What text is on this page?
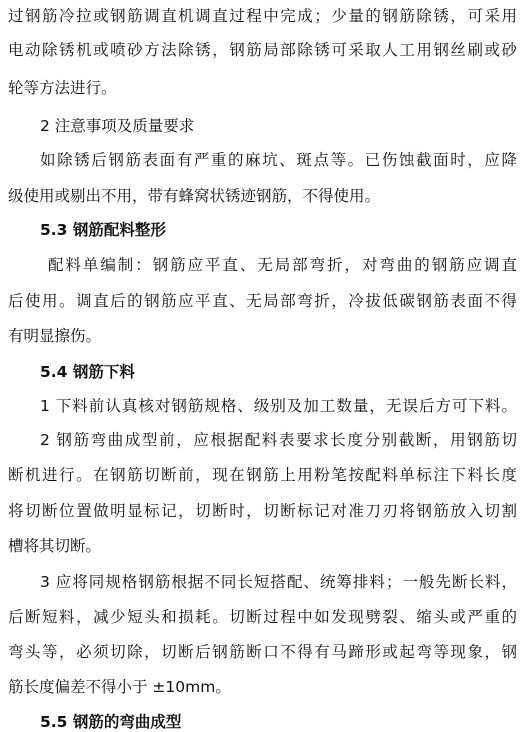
过钢筋冷拉或钢筋调直机调直过程中完成；少量的钢筋除锈，可采用
电动除锈机或喷砂方法除锈，钢筋局部除锈可采取人工用钢丝刷或砂
轮等方法进行。
2 注意事项及质量要求
如除锈后钢筋表面有严重的麻坑、斑点等。已伤蚀截面时，应降
级使用或剔出不用，带有蜂窝状锈迹钢筋，不得使用。
5.3 钢筋配料整形
配料单编制：钢筋应平直、无局部弯折，对弯曲的钢筋应调直
后使用。调直后的钢筋应平直、无局部弯折，冷拔低碳钢筋表面不得
有明显擦伤。
5.4 钢筋下料
1 下料前认真核对钢筋规格、级别及加工数量，无误后方可下料。
2 钢筋弯曲成型前，应根据配料表要求长度分别截断，用钢筋切
断机进行。在钢筋切断前，现在钢筋上用粉笔按配料单标注下料长度
将切断位置做明显标记，切断时，切断标记对准刀刃将钢筋放入切割
槽将其切断。
3 应将同规格钢筋根据不同长短搭配、统筹排料；一般先断长料，
后断短料，减少短头和损耗。切断过程中如发现劈裂、缩头或严重的
弯头等，必须切除，切断后钢筋断口不得有马蹄形或起弯等现象，钢
筋长度偏差不得小于 ±10mm。
5.5 钢筋的弯曲成型
